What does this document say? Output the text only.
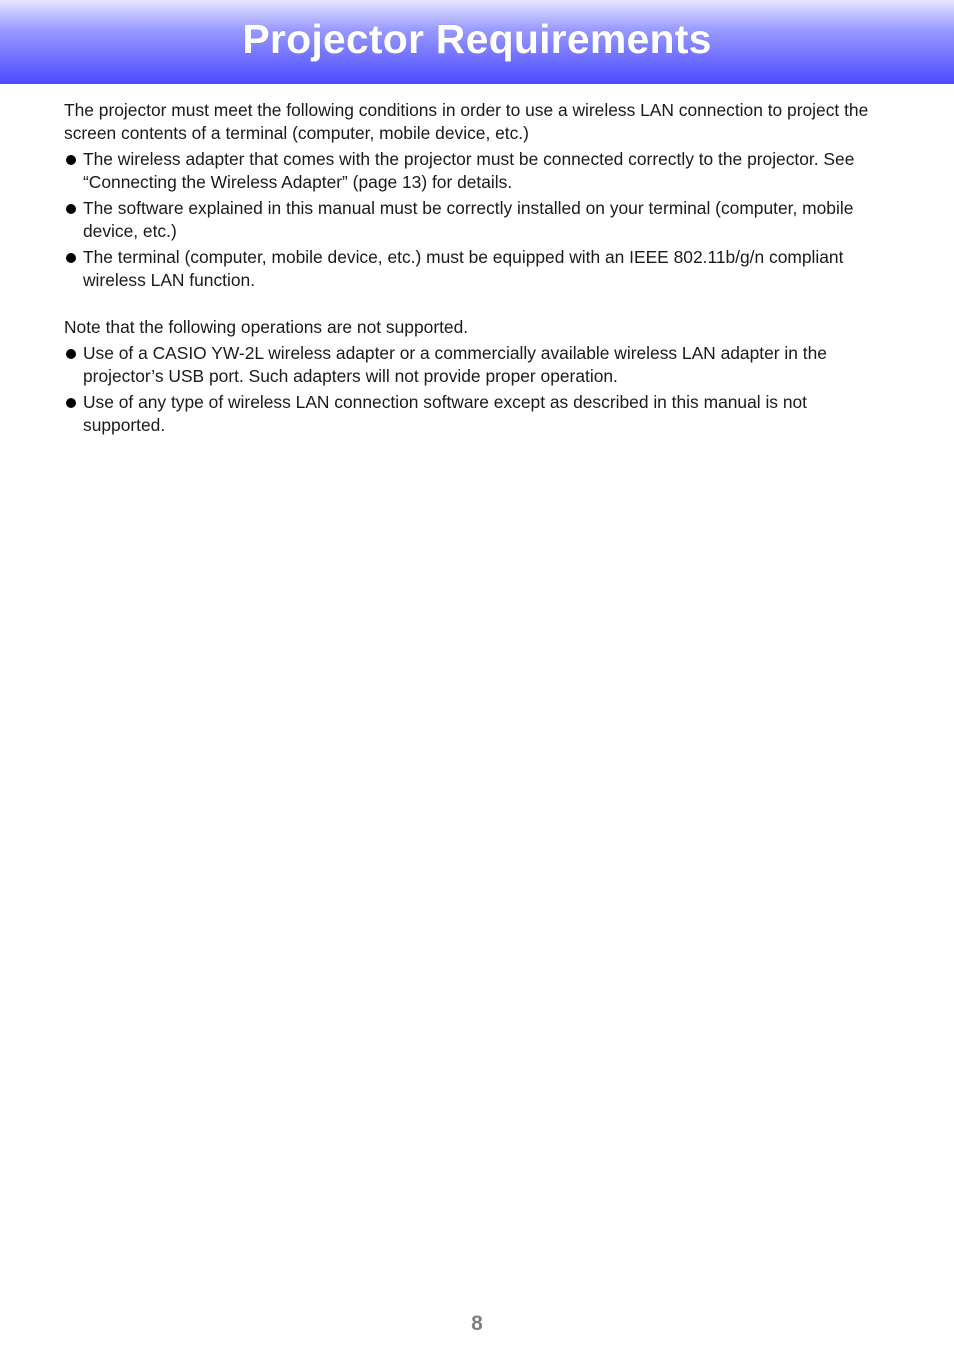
Projector Requirements

The projector must meet the following conditions in order to use a wireless LAN connection to project the screen contents of a terminal (computer, mobile device, etc.)

The wireless adapter that comes with the projector must be connected correctly to the projector. See “Connecting the Wireless Adapter” (page 13) for details.
The software explained in this manual must be correctly installed on your terminal (computer, mobile device, etc.)
The terminal (computer, mobile device, etc.) must be equipped with an IEEE 802.11b/g/n compliant wireless LAN function.

Note that the following operations are not supported.

Use of a CASIO YW-2L wireless adapter or a commercially available wireless LAN adapter in the projector’s USB port. Such adapters will not provide proper operation.
Use of any type of wireless LAN connection software except as described in this manual is not supported.
8
